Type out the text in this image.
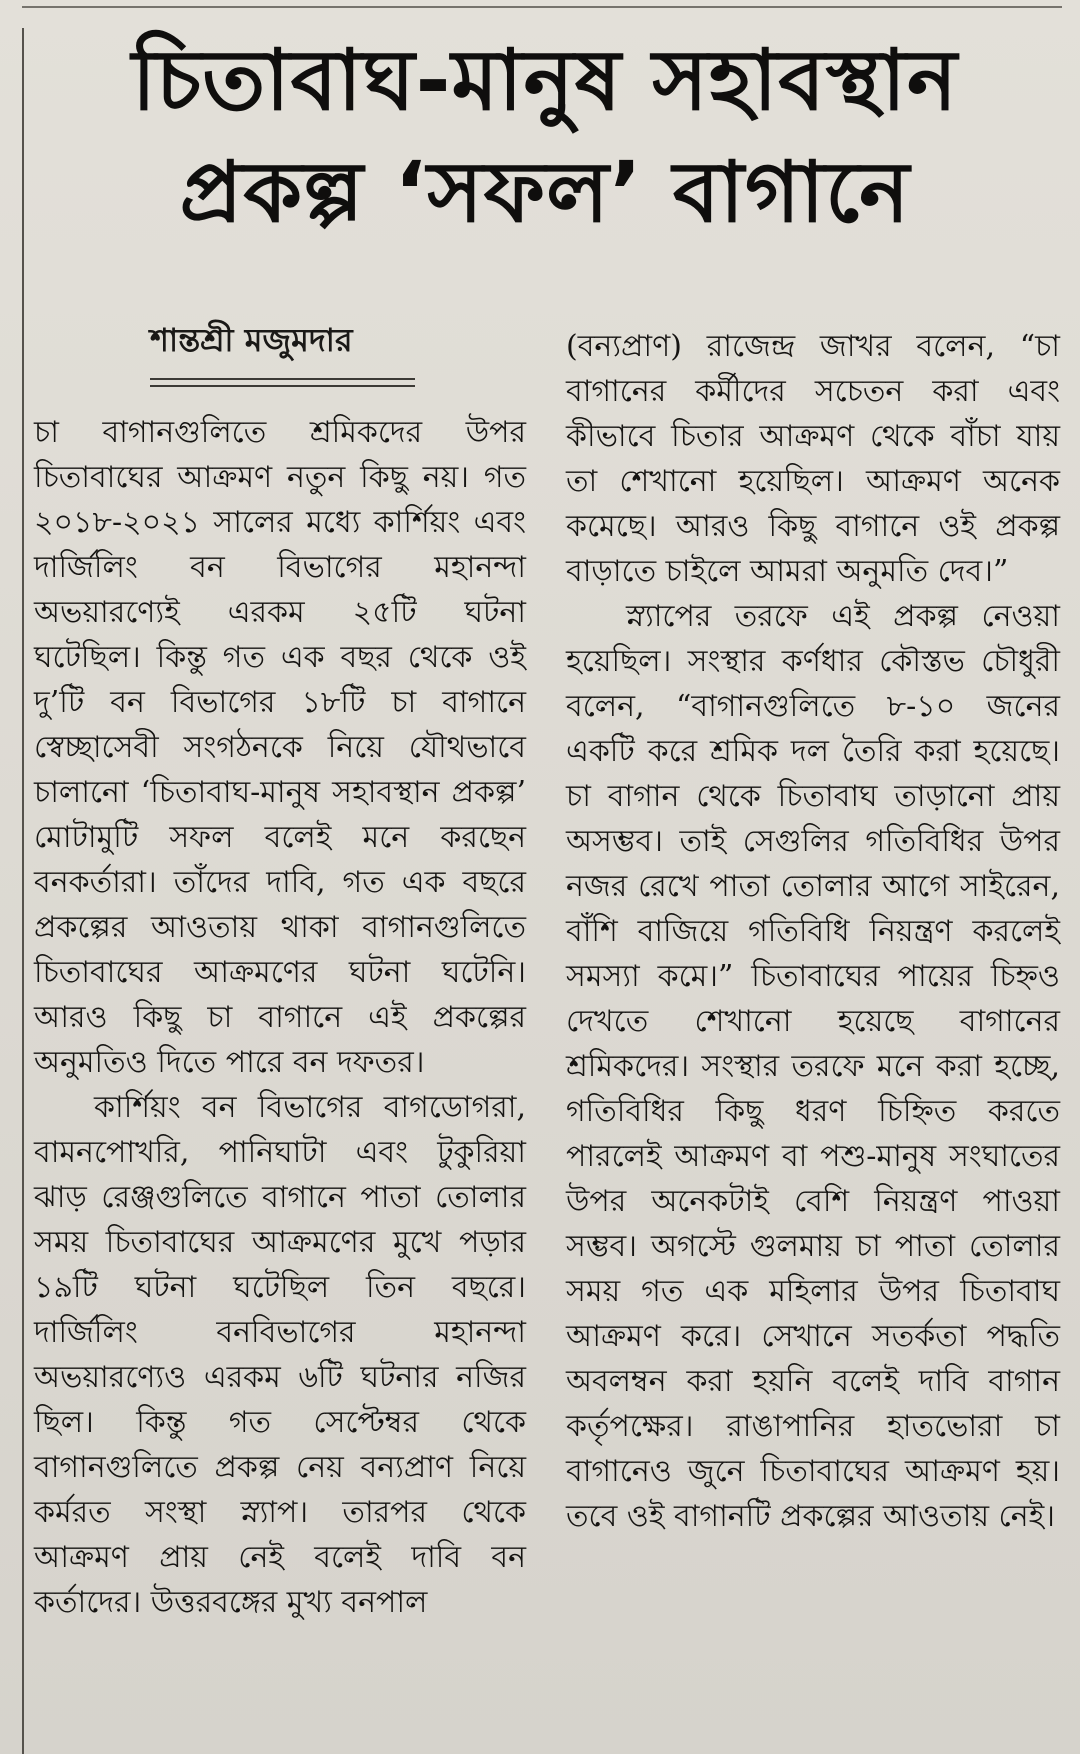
চিতাবাঘ-মানুষ সহাবস্থান প্রকল্প ‘সফল’ বাগানে
শান্তশ্রী মজুমদার

চা বাগানগুলিতে শ্রমিকদের উপর চিতাবাঘের আক্রমণ নতুন কিছু নয়। গত ২০১৮-২০২১ সালের মধ্যে কার্শিয়ং এবং দার্জিলিং বন বিভাগের মহানন্দা অভয়ারণ্যেই এরকম ২৫টি ঘটনা ঘটেছিল। কিন্তু গত এক বছর থেকে ওই দু’টি বন বিভাগের ১৮টি চা বাগানে স্বেচ্ছাসেবী সংগঠনকে নিয়ে যৌথভাবে চালানো ‘চিতাবাঘ-মানুষ সহাবস্থান প্রকল্প’ মোটামুটি সফল বলেই মনে করছেন বনকর্তারা। তাঁদের দাবি, গত এক বছরে প্রকল্পের আওতায় থাকা বাগানগুলিতে চিতাবাঘের আক্রমণের ঘটনা ঘটেনি। আরও কিছু চা বাগানে এই প্রকল্পের অনুমতিও দিতে পারে বন দফতর।

কার্শিয়ং বন বিভাগের বাগডোগরা, বামনপোখরি, পানিঘাটা এবং টুকুরিয়া ঝাড় রেঞ্জগুলিতে বাগানে পাতা তোলার সময় চিতাবাঘের আক্রমণের মুখে পড়ার ১৯টি ঘটনা ঘটেছিল তিন বছরে। দার্জিলিং বনবিভাগের মহানন্দা অভয়ারণ্যেও এরকম ৬টি ঘটনার নজির ছিল। কিন্তু গত সেপ্টেম্বর থেকে বাগানগুলিতে প্রকল্প নেয় বন্যপ্রাণ নিয়ে কর্মরত সংস্থা স্ন্যাপ। তারপর থেকে আক্রমণ প্রায় নেই বলেই দাবি বন কর্তাদের। উত্তরবঙ্গের মুখ্য বনপাল

(বন্যপ্রাণ) রাজেন্দ্র জাখর বলেন, “চা বাগানের কর্মীদের সচেতন করা এবং কীভাবে চিতার আক্রমণ থেকে বাঁচা যায় তা শেখানো হয়েছিল। আক্রমণ অনেক কমেছে। আরও কিছু বাগানে ওই প্রকল্প বাড়াতে চাইলে আমরা অনুমতি দেব।”

স্ন্যাপের তরফে এই প্রকল্প নেওয়া হয়েছিল। সংস্থার কর্ণধার কৌস্তভ চৌধুরী বলেন, “বাগানগুলিতে ৮-১০ জনের একটি করে শ্রমিক দল তৈরি করা হয়েছে। চা বাগান থেকে চিতাবাঘ তাড়ানো প্রায় অসম্ভব। তাই সেগুলির গতিবিধির উপর নজর রেখে পাতা তোলার আগে সাইরেন, বাঁশি বাজিয়ে গতিবিধি নিয়ন্ত্রণ করলেই সমস্যা কমে।” চিতাবাঘের পায়ের চিহ্নও দেখতে শেখানো হয়েছে বাগানের শ্রমিকদের। সংস্থার তরফে মনে করা হচ্ছে, গতিবিধির কিছু ধরণ চিহ্নিত করতে পারলেই আক্রমণ বা পশু-মানুষ সংঘাতের উপর অনেকটাই বেশি নিয়ন্ত্রণ পাওয়া সম্ভব। অগস্টে গুলমায় চা পাতা তোলার সময় গত এক মহিলার উপর চিতাবাঘ আক্রমণ করে। সেখানে সতর্কতা পদ্ধতি অবলম্বন করা হয়নি বলেই দাবি বাগান কর্তৃপক্ষের। রাঙাপানির হাতভোরা চা বাগানেও জুনে চিতাবাঘের আক্রমণ হয়। তবে ওই বাগানটি প্রকল্পের আওতায় নেই।
